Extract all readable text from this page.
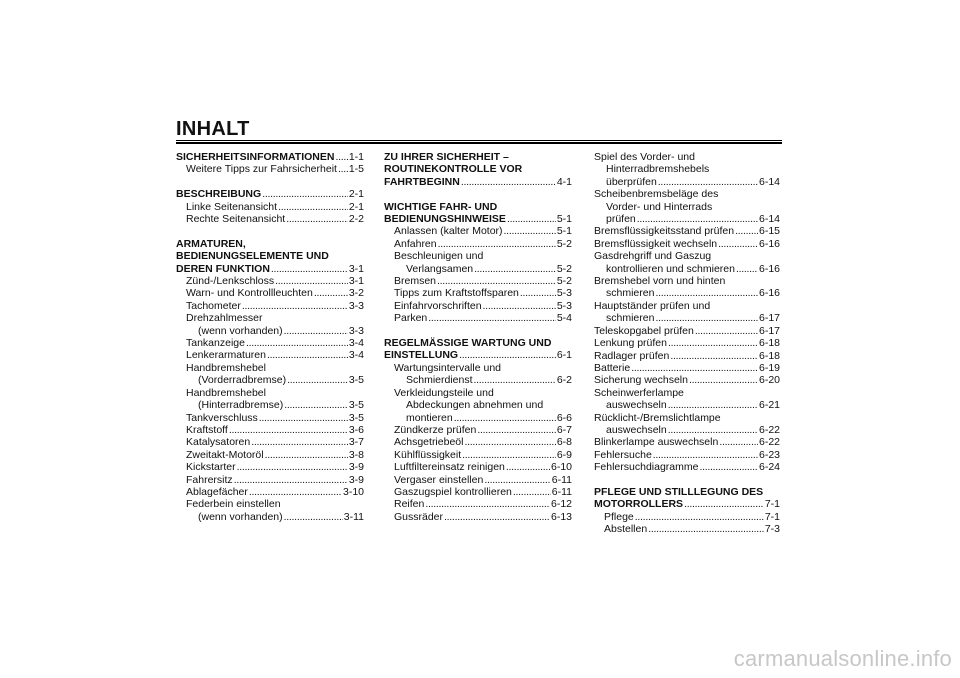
INHALT
SICHERHEITSINFORMATIONEN . . . 1-1
Weitere Tipps zur Fahrsicherheit . . . 1-5
BESCHREIBUNG . . .	2-1
Linke Seitenansicht . . .	2-1
Rechte Seitenansicht . . .	2-2
ARMATUREN,
BEDIENUNGSELEMENTE UND
DEREN FUNKTION . . .	3-1
Zünd-/Lenkschloss . . .	3-1
Warn- und Kontrollleuchten . . .	3-2
Tachometer . . .	3-3
Drehzahlmesser
(wenn vorhanden) . . .	3-3
Tankanzeige . . .	3-4
Lenkerarmaturen . . .	3-4
Handbremshebel
(Vorderradbremse) . . .	3-5
Handbremshebel
(Hinterradbremse) . . .	3-5
Tankverschluss . . .	3-5
Kraftstoff . . .	3-6
Katalysatoren . . .	3-7
Zweitakt-Motoröl . . .	3-8
Kickstarter . . .	3-9
Fahrersitz . . .	3-9
Ablagefächer . . .	3-10
Federbein einstellen
(wenn vorhanden) . . .	3-11
ZU IHRER SICHERHEIT –
ROUTINEKONTROLLE VOR
FAHRTBEGINN . . .	4-1
WICHTIGE FAHR- UND
BEDIENUNGSHINWEISE . . .	5-1
Anlassen (kalter Motor) . . .	5-1
Anfahren . . .	5-2
Beschleunigen und
Verlangsamen . . .	5-2
Bremsen . . .	5-2
Tipps zum Kraftstoffsparen . . .	5-3
Einfahrvorschriften . . .	5-3
Parken . . .	5-4
REGELMÄSSIGE WARTUNG UND
EINSTELLUNG . . .	6-1
Wartungsintervalle und
Schmierdienst . . .	6-2
Verkleidungsteile und
Abdeckungen abnehmen und
montieren . . .	6-6
Zündkerze prüfen . . .	6-7
Achsgetriebeöl . . .	6-8
Kühlflüssigkeit . . .	6-9
Luftfiltereinsatz reinigen . . .	6-10
Vergaser einstellen . . .	6-11
Gaszugspiel kontrollieren . . .	6-11
Reifen . . .	6-12
Gussräder . . .	6-13
Spiel des Vorder- und
Hinterradbremshebels
überprüfen . . .	6-14
Scheibenbremsbeläge des
Vorder- und Hinterrads
prüfen . . .	6-14
Bremsflüssigkeitsstand prüfen . . . 6-15
Bremsflüssigkeit wechseln . . .	6-16
Gasdrehgriff und Gaszug
kontrollieren und schmieren . . . 6-16
Bremshebel vorn und hinten
schmieren . . .	6-16
Hauptständer prüfen und
schmieren . . .	6-17
Teleskopgabel prüfen . . .	6-17
Lenkung prüfen . . .	6-18
Radlager prüfen . . .	6-18
Batterie . . .	6-19
Sicherung wechseln . . .	6-20
Scheinwerferlampe
auswechseln . . .	6-21
Rücklicht-/Bremslichtlampe
auswechseln . . .	6-22
Blinkerlampe auswechseln . . .	6-22
Fehlersuche . . .	6-23
Fehlersuchdiagramme . . .	6-24
PFLEGE UND STILLLEGUNG DES
MOTORROLLERS . . .	7-1
Pflege . . .	7-1
Abstellen . . .	7-3
carmanualsonline.info
